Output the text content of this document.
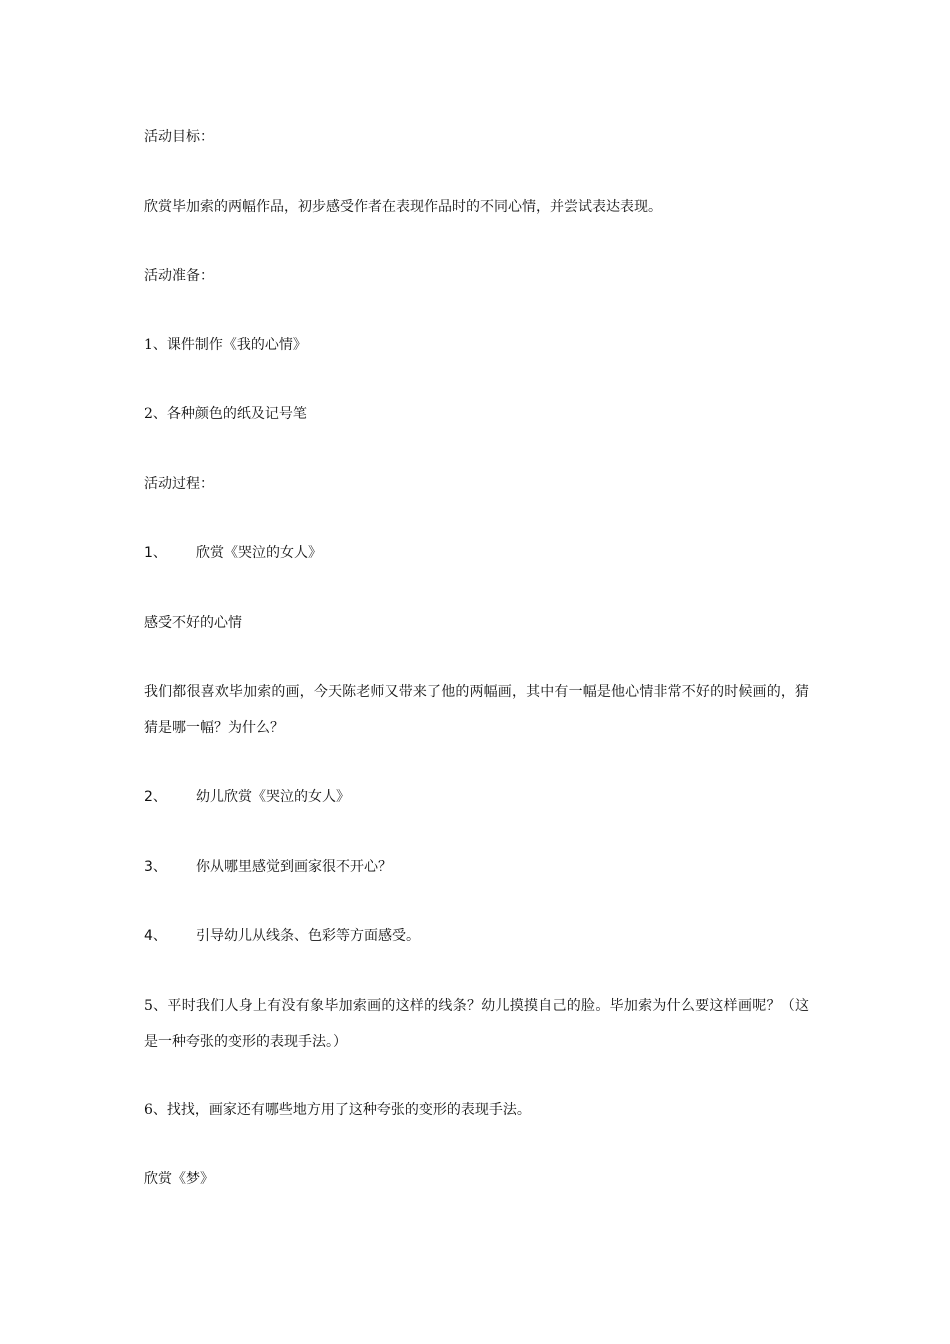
活动目标：
欣赏毕加索的两幅作品，初步感受作者在表现作品时的不同心情，并尝试表达表现。
活动准备：
1、课件制作《我的心情》
2、各种颜色的纸及记号笔
活动过程：
1、 欣赏《哭泣的女人》
感受不好的心情
我们都很喜欢毕加索的画，今天陈老师又带来了他的两幅画，其中有一幅是他心情非常不好的时候画的，猜猜是哪一幅？为什么？
2、 幼儿欣赏《哭泣的女人》
3、 你从哪里感觉到画家很不开心？
4、 引导幼儿从线条、色彩等方面感受。
5、平时我们人身上有没有象毕加索画的这样的线条？幼儿摸摸自己的脸。毕加索为什么要这样画呢？（这是一种夸张的变形的表现手法。）
6、找找，画家还有哪些地方用了这种夸张的变形的表现手法。
欣赏《梦》
